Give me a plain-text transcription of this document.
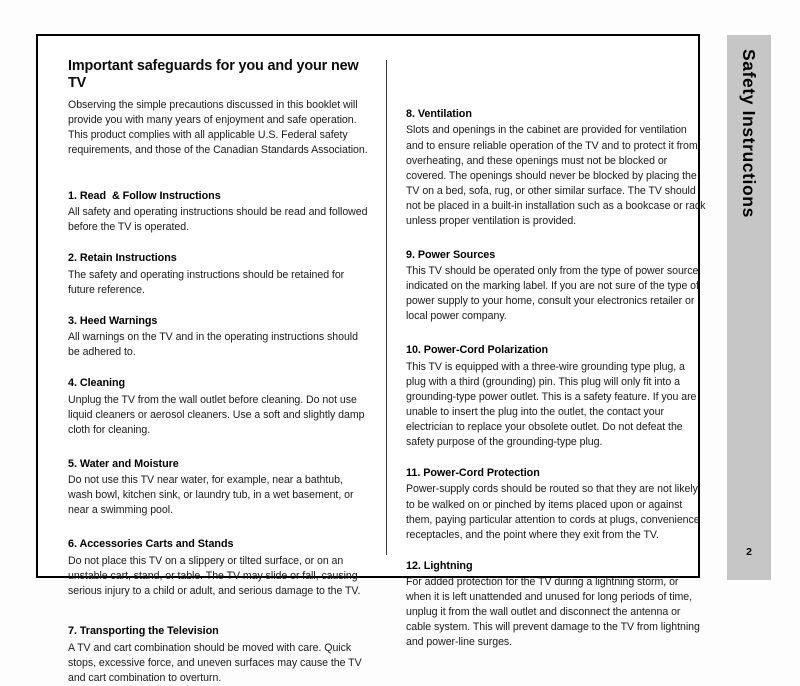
Important safeguards for you and your new TV

Observing the simple precautions discussed in this booklet will provide you with many years of enjoyment and safe operation. This product complies with all applicable U.S. Federal safety requirements, and those of the Canadian Standards Association.

1. Read  & Follow Instructions

All safety and operating instructions should be read and followed before the TV is operated.

2. Retain Instructions

The safety and operating instructions should be retained for future reference.

3. Heed Warnings

All warnings on the TV and in the operating instructions should be adhered to.

4. Cleaning

Unplug the TV from the wall outlet before cleaning. Do not use liquid cleaners or aerosol cleaners. Use a soft and slightly damp cloth for cleaning.

5. Water and Moisture

Do not use this TV near water, for example, near a bathtub, wash bowl, kitchen sink, or laundry tub, in a wet basement, or near a swimming pool.

6. Accessories Carts and Stands

Do not place this TV on a slippery or tilted surface, or on an unstable cart, stand, or table. The TV may slide or fall, causing serious injury to a child or adult, and serious damage to the TV.

7. Transporting the Television

A TV and cart combination should be moved with care. Quick stops, excessive force, and uneven surfaces may cause the TV and cart combination to overturn.

8. Ventilation

Slots and openings in the cabinet are provided for ventilation and to ensure reliable operation of the TV and to protect it from overheating, and these openings must not be blocked or covered. The openings should never be blocked by placing the TV on a bed, sofa, rug, or other similar surface. The TV should not be placed in a built-in installation such as a bookcase or rack unless proper ventilation is provided.

9. Power Sources

This TV should be operated only from the type of power source indicated on the marking label. If you are not sure of the type of power supply to your home, consult your electronics retailer or local power company.

10. Power-Cord Polarization

This TV is equipped with a three-wire grounding type plug, a plug with a third (grounding) pin. This plug will only fit into a grounding-type power outlet. This is a safety feature. If you are unable to insert the plug into the outlet, the contact your electrician to replace your obsolete outlet. Do not defeat the safety purpose of the grounding-type plug.

11. Power-Cord Protection

Power-supply cords should be routed so that they are not likely to be walked on or pinched by items placed upon or against them, paying particular attention to cords at plugs, convenience receptacles, and the point where they exit from the TV.

12. Lightning

For added protection for the TV during a lightning storm, or when it is left unattended and unused for long periods of time, unplug it from the wall outlet and disconnect the antenna or cable system. This will prevent damage to the TV from lightning and power-line surges.

Safety Instructions
2
